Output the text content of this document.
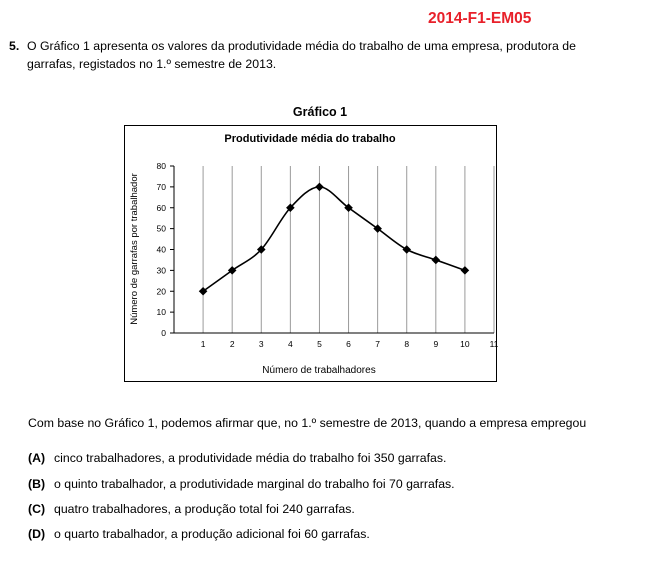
2014-F1-EM05
5. O Gráfico 1 apresenta os valores da produtividade média do trabalho de uma empresa, produtora de
garrafas, registados no 1.º semestre de 2013.
Gráfico 1
Produtividade média do trabalho
0
10
20
30
40
50
60
70
80
1	2	3	4	5	6	7	8	9	10 11
Número de garrafas por trabalhador
Número de trabalhadores
Com base no Gráfico 1, podemos afirmar que, no 1.º semestre de 2013, quando a empresa empregou
(A) cinco trabalhadores, a produtividade média do trabalho foi 350 garrafas.
(B) o quinto trabalhador, a produtividade marginal do trabalho foi 70 garrafas.
(C) quatro trabalhadores, a produção total foi 240 garrafas.
(D) o quarto trabalhador, a produção adicional foi 60 garrafas.
